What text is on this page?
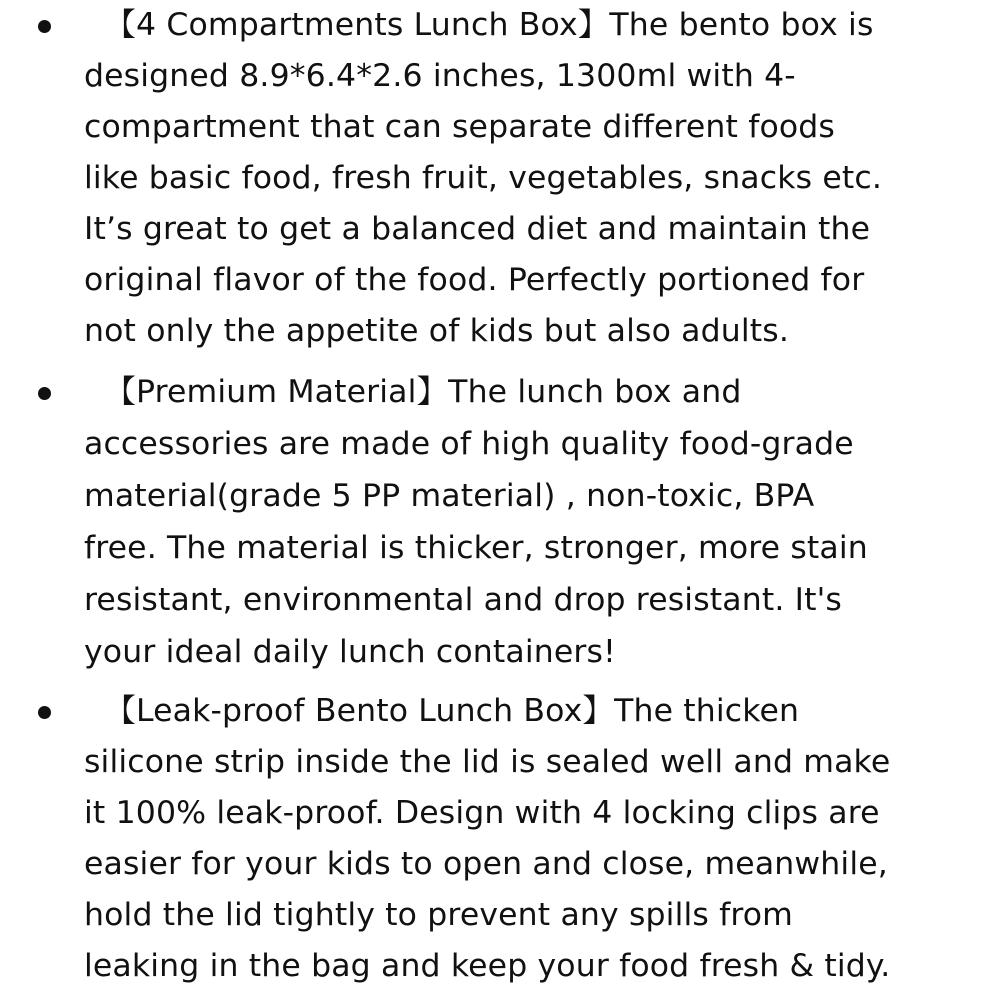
【4 Compartments Lunch Box】The bento box is
designed 8.9*6.4*2.6 inches, 1300ml with 4-
compartment that can separate different foods
like basic food, fresh fruit, vegetables, snacks etc.
It’s great to get a balanced diet and maintain the
original flavor of the food. Perfectly portioned for
not only the appetite of kids but also adults.
【Premium Material】The lunch box and
accessories are made of high quality food-grade
material(grade 5 PP material) , non-toxic, BPA
free. The material is thicker, stronger, more stain
resistant, environmental and drop resistant. It's
your ideal daily lunch containers!
【Leak-proof Bento Lunch Box】The thicken
silicone strip inside the lid is sealed well and make
it 100% leak-proof. Design with 4 locking clips are
easier for your kids to open and close, meanwhile,
hold the lid tightly to prevent any spills from
leaking in the bag and keep your food fresh & tidy.
